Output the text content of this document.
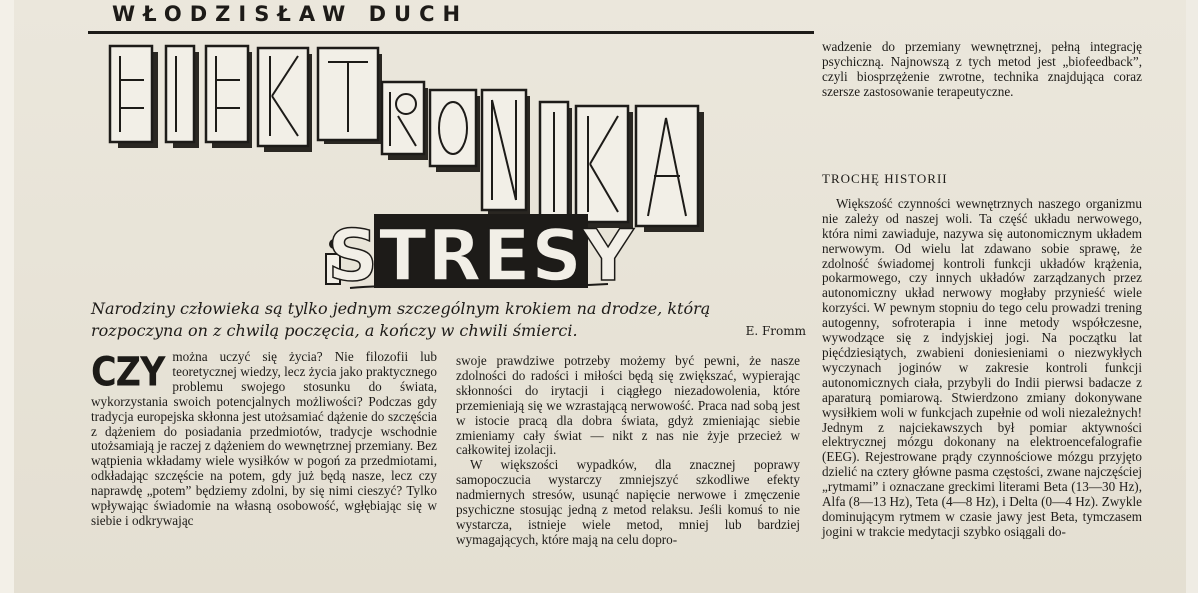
WŁODZISŁAW DUCH
STRESY
Narodziny człowieka są tylko jednym szczególnym krokiem na drodze, którą rozpoczyna on z chwilą poczęcia, a kończy w chwili śmierci.	E. Fromm
CZY można uczyć się życia? Nie filozofii lub teoretycznej wiedzy, lecz życia jako praktycznego problemu swojego stosunku do świata, wykorzystania swoich potencjalnych możliwości? Podczas gdy tradycja europejska skłonna jest utożsamiać dążenie do szczęścia z dążeniem do posiadania przedmiotów, tradycje wschodnie utożsamiają je raczej z dążeniem do wewnętrznej przemiany. Bez wątpienia wkładamy wiele wysiłków w pogoń za przedmiotami, odkładając szczęście na potem, gdy już będą nasze, lecz czy naprawdę „potem” będziemy zdolni, by się nimi cieszyć? Tylko wpływając świadomie na własną osobowość, wgłębiając się w siebie i odkrywając

swoje prawdziwe potrzeby możemy być pewni, że nasze zdolności do radości i miłości będą się zwiększać, wypierając skłonności do irytacji i ciągłego niezadowolenia, które przemieniają się we wzrastającą nerwowość. Praca nad sobą jest w istocie pracą dla dobra świata, gdyż zmieniając siebie zmieniamy cały świat — nikt z nas nie żyje przecież w całkowitej izolacji.

W większości wypadków, dla znacznej poprawy samopoczucia wystarczy zmniejszyć szkodliwe efekty nadmiernych stresów, usunąć napięcie nerwowe i zmęczenie psychiczne stosując jedną z metod relaksu. Jeśli komuś to nie wystarcza, istnieje wiele metod, mniej lub bardziej wymagających, które mają na celu dopro-

wadzenie do przemiany wewnętrznej, pełną integrację psychiczną. Najnowszą z tych metod jest „biofeedback”, czyli biosprzężenie zwrotne, technika znajdująca coraz szersze zastosowanie terapeutyczne.

TROCHĘ HISTORII

Większość czynności wewnętrznych naszego organizmu nie zależy od naszej woli. Ta część układu nerwowego, która nimi zawiaduje, nazywa się autonomicznym układem nerwowym. Od wielu lat zdawano sobie sprawę, że zdolność świadomej kontroli funkcji układów krążenia, pokarmowego, czy innych układów zarządzanych przez autonomiczny układ nerwowy mogłaby przynieść wiele korzyści. W pewnym stopniu do tego celu prowadzi trening autogenny, sofroterapia i inne metody współczesne, wywodzące się z indyjskiej jogi. Na początku lat pięćdziesiątych, zwabieni doniesieniami o niezwykłych wyczynach joginów w zakresie kontroli funkcji autonomicznych ciała, przybyli do Indii pierwsi badacze z aparaturą pomiarową. Stwierdzono zmiany dokonywane wysiłkiem woli w funkcjach zupełnie od woli niezależnych! Jednym z najciekawszych był pomiar aktywności elektrycznej mózgu dokonany na elektroencefalografie (EEG). Rejestrowane prądy czynnościowe mózgu przyjęto dzielić na cztery główne pasma częstości, zwane najczęściej „rytmami” i oznaczane greckimi literami Beta (13—30 Hz), Alfa (8—13 Hz), Teta (4—8 Hz), i Delta (0—4 Hz). Zwykle dominującym rytmem w czasie jawy jest Beta, tymczasem jogini w trakcie medytacji szybko osiągali do-
